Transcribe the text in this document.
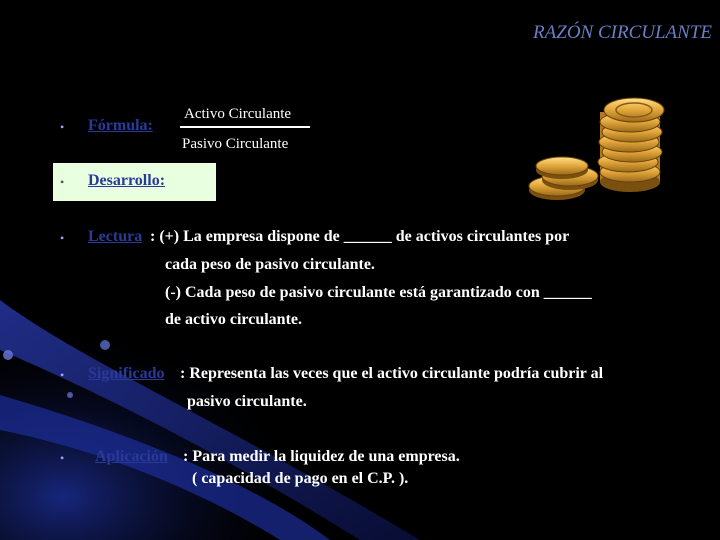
RAZÓN CIRCULANTE
• Fórmula:
Activo Circulante
Pasivo Circulante
• Desarrollo:
• Lectura : (+) La empresa dispone de ______ de activos circulantes por
cada peso de pasivo circulante.
(-) Cada peso de pasivo circulante está garantizado con ______
de activo circulante.
• Significado : Representa las veces que el activo circulante podría cubrir al
pasivo circulante.
• Aplicación : Para medir la liquidez de una empresa.
( capacidad de pago en el C.P. ).
